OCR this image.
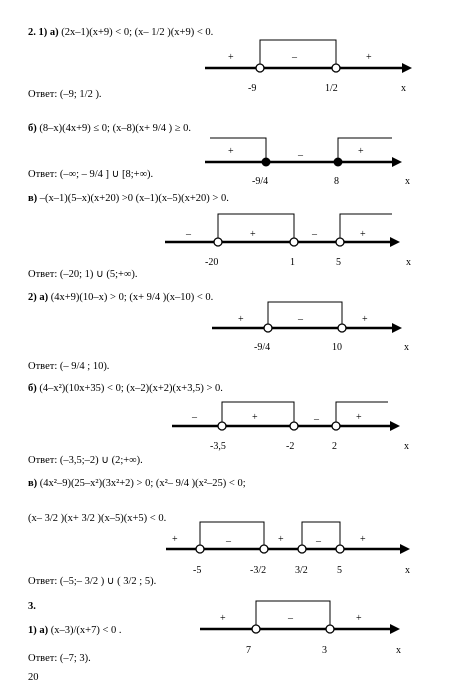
2. 1) а) (2x–1)(x+9) < 0; (x– 1/2 )(x+9) < 0.
+	–	+
-9	1/2	x
Ответ: (–9; 1/2 ).
б) (8–x)(4x+9) ≤ 0; (x–8)(x+ 9/4 ) ≥ 0.
+	–	+
-9/4	8	x
Ответ: (–∞; – 9/4 ] ∪ [8;+∞).
в) –(x–1)(5–x)(x+20) >0 (x–1)(x–5)(x+20) > 0.
–	+	–	+
-20	1	5	x
Ответ: (–20; 1) ∪ (5;+∞).
2) а) (4x+9)(10–x) > 0; (x+ 9/4 )(x–10) < 0.
+	–	+
-9/4	10	x
Ответ: (– 9/4 ; 10).
б) (4–x²)(10x+35) < 0; (x–2)(x+2)(x+3,5) > 0.
–	+	–	+
-3,5	-2	2	x
Ответ: (–3,5;–2) ∪ (2;+∞).
в) (4x²–9)(25–x²)(3x²+2) > 0; (x²– 9/4 )(x²–25) < 0;
(x– 3/2 )(x+ 3/2 )(x–5)(x+5) < 0.
+	–	+	–	+
-5	-3/2	3/2	5	x
Ответ: (–5;– 3/2 ) ∪ ( 3/2 ; 5).
3.
1) а) (x–3)/(x+7) < 0 .
+	–	+
7	3	x
Ответ: (–7; 3).
20
